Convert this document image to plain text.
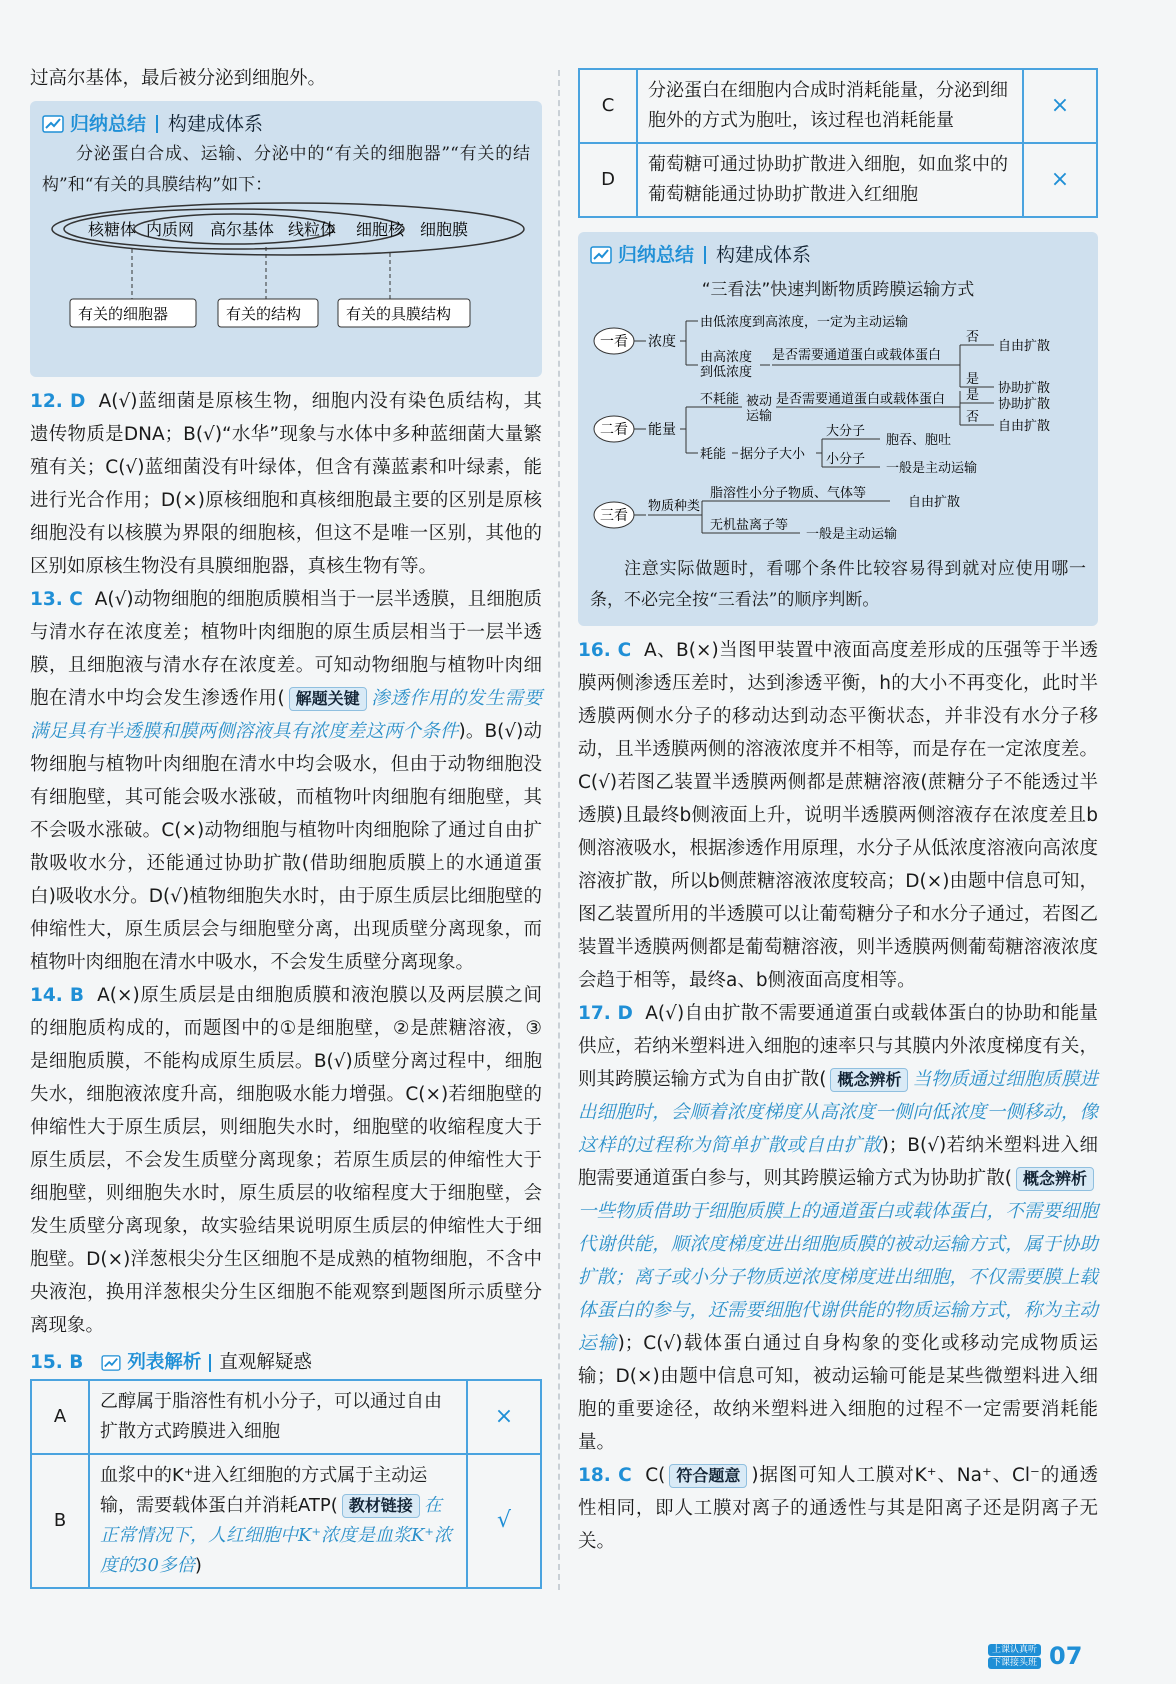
过高尔基体，最后被分泌到细胞外。

归纳总结 构建成体系

分泌蛋白合成、运输、分泌中的“有关的细胞器”“有关的结构”和“有关的具膜结构”如下：

核糖体 内质网 高尔基体 线粒体 细胞核 细胞膜
有关的细胞器	有关的结构	有关的具膜结构

12. D A(√)蓝细菌是原核生物，细胞内没有染色质结构，其遗传物质是DNA；B(√)“水华”现象与水体中多种蓝细菌大量繁殖有关；C(√)蓝细菌没有叶绿体，但含有藻蓝素和叶绿素，能进行光合作用；D(×)原核细胞和真核细胞最主要的区别是原核细胞没有以核膜为界限的细胞核，但这不是唯一区别，其他的区别如原核生物没有具膜细胞器，真核生物有等。

13. C A(√)动物细胞的细胞质膜相当于一层半透膜，且细胞质与清水存在浓度差；植物叶肉细胞的原生质层相当于一层半透膜，且细胞液与清水存在浓度差。可知动物细胞与植物叶肉细胞在清水中均会发生渗透作用( 解题关键 渗透作用的发生需要满足具有半透膜和膜两侧溶液具有浓度差这两个条件)。B(√)动物细胞与植物叶肉细胞在清水中均会吸水，但由于动物细胞没有细胞壁，其可能会吸水涨破，而植物叶肉细胞有细胞壁，其不会吸水涨破。C(×)动物细胞与植物叶肉细胞除了通过自由扩散吸收水分，还能通过协助扩散(借助细胞质膜上的水通道蛋白)吸收水分。D(√)植物细胞失水时，由于原生质层比细胞壁的伸缩性大，原生质层会与细胞壁分离，出现质壁分离现象，而植物叶肉细胞在清水中吸水，不会发生质壁分离现象。

14. B A(×)原生质层是由细胞质膜和液泡膜以及两层膜之间的细胞质构成的，而题图中的①是细胞壁，②是蔗糖溶液，③是细胞质膜，不能构成原生质层。B(√)质壁分离过程中，细胞失水，细胞液浓度升高，细胞吸水能力增强。C(×)若细胞壁的伸缩性大于原生质层，则细胞失水时，细胞壁的收缩程度大于原生质层，不会发生质壁分离现象；若原生质层的伸缩性大于细胞壁，则细胞失水时，原生质层的收缩程度大于细胞壁，会发生质壁分离现象，故实验结果说明原生质层的伸缩性大于细胞壁。D(×)洋葱根尖分生区细胞不是成熟的植物细胞，不含中央液泡，换用洋葱根尖分生区细胞不能观察到题图所示质壁分离现象。

15. B 列表解析 直观解疑惑
A	乙醇属于脂溶性有机小分子，可以通过自由扩散方式跨膜进入细胞	×
B	血浆中的K⁺进入红细胞的方式属于主动运输，需要载体蛋白并消耗ATP( 教材链接 在正常情况下，人红细胞中K⁺浓度是血浆K⁺浓度的30多倍)	√
C	分泌蛋白在细胞内合成时消耗能量，分泌到细胞外的方式为胞吐，该过程也消耗能量	×
D	葡萄糖可通过协助扩散进入细胞，如血浆中的葡萄糖能通过协助扩散进入红细胞	×
归纳总结 构建成体系
“三看法”快速判断物质跨膜运输方式
一看
二看
三看
浓度
由低浓度到高浓度，一定为主动运输
由高浓度
到低浓度
是否需要通道蛋白或载体蛋白
否
自由扩散
是
协助扩散
能量
不耗能 被动
运输
是否需要通道蛋白或载体蛋白 是
协助扩散
否
自由扩散
耗能 据分子大小
大分子
胞吞、胞吐
小分子
一般是主动运输
物质种类
脂溶性小分子物质、气体等
自由扩散
无机盐离子等
一般是主动运输

注意实际做题时，看哪个条件比较容易得到就对应使用哪一条，不必完全按“三看法”的顺序判断。

16. C A、B(×)当图甲装置中液面高度差形成的压强等于半透膜两侧渗透压差时，达到渗透平衡，h的大小不再变化，此时半透膜两侧水分子的移动达到动态平衡状态，并非没有水分子移动，且半透膜两侧的溶液浓度并不相等，而是存在一定浓度差。C(√)若图乙装置半透膜两侧都是蔗糖溶液(蔗糖分子不能透过半透膜)且最终b侧液面上升，说明半透膜两侧溶液存在浓度差且b侧溶液吸水，根据渗透作用原理，水分子从低浓度溶液向高浓度溶液扩散，所以b侧蔗糖溶液浓度较高；D(×)由题中信息可知，图乙装置所用的半透膜可以让葡萄糖分子和水分子通过，若图乙装置半透膜两侧都是葡萄糖溶液，则半透膜两侧葡萄糖溶液浓度会趋于相等，最终a、b侧液面高度相等。

17. D A(√)自由扩散不需要通道蛋白或载体蛋白的协助和能量供应，若纳米塑料进入细胞的速率只与其膜内外浓度梯度有关，则其跨膜运输方式为自由扩散( 概念辨析 当物质通过细胞质膜进出细胞时，会顺着浓度梯度从高浓度一侧向低浓度一侧移动，像这样的过程称为简单扩散或自由扩散)；B(√)若纳米塑料进入细胞需要通道蛋白参与，则其跨膜运输方式为协助扩散( 概念辨析一些物质借助于细胞质膜上的通道蛋白或载体蛋白，不需要细胞代谢供能，顺浓度梯度进出细胞质膜的被动运输方式，属于协助扩散；离子或小分子物质逆浓度梯度进出细胞，不仅需要膜上载体蛋白的参与，还需要细胞代谢供能的物质运输方式，称为主动运输)；C(√)载体蛋白通过自身构象的变化或移动完成物质运输；D(×)由题中信息可知，被动运输可能是某些微塑料进入细胞的重要途径，故纳米塑料进入细胞的过程不一定需要消耗能量。

18. C C( 符合题意 )据图可知人工膜对K⁺、Na⁺、Cl⁻的通透性相同，即人工膜对离子的通透性与其是阳离子还是阴离子无关。

上课认真听
下课接头班 07
